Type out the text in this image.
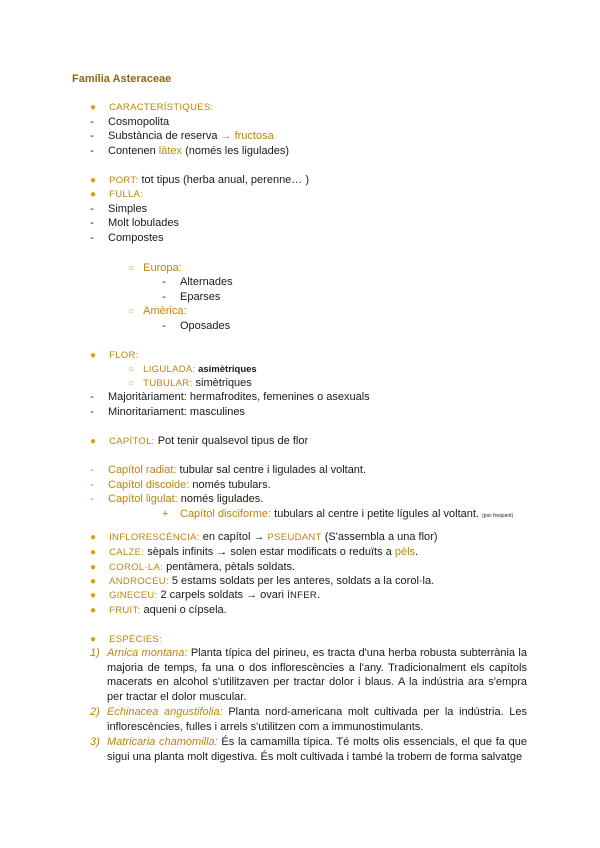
Família Asteraceae
● CARACTERÍSTIQUES:
- Cosmopolita
- Substància de reserva → fructosa
- Contenen làtex (només les ligulades)
● PORT: tot tipus (herba anual, perenne… )
● FULLA:
- Simples
- Molt lobulades
- Compostes
○ Europa:
- Alternades
- Eparses
○ Amèrica:
- Oposades
● FLOR:
○ LIGULADA: asimètriques
○ TUBULAR: simètriques
- Majoritàriament: hermafrodites, femenines o asexuals
- Minoritariament: masculines
● CAPÍTOL: Pot tenir qualsevol tipus de flor
- Capítol radiat: tubular sal centre i ligulades al voltant.
- Capítol discoide: només tubulars.
- Capítol ligulat: només ligulades.
+ Capítol disciforme: tubulars al centre i petite lígules al voltant. (poc freqüent)
● INFLORESCÈNCIA: en capítol → PSEUDANT (S'assembla a una flor)
● CALZE: sèpals infinits → solen estar modificats o reduïts a pèls.
● COROL·LA: pentàmera, pètals soldats.
● ANDROCEU: 5 estams soldats per les anteres, soldats a la corol·la.
● GINECEU: 2 carpels soldats → ovari ÍNFER.
● FRUIT: aqueni o cípsela.
● ESPÈCIES:
1) Arnica montana: Planta típica del pirineu, es tracta d'una herba robusta subterrània la majoria de temps, fa una o dos inflorescències a l'any. Tradicionalment els capítols macerats en alcohol s'utilitzaven per tractar dolor i blaus. A la indústria ara s'empra per tractar el dolor muscular.
2) Echinacea angustifolia: Planta nord-americana molt cultivada per la indústria. Les inflorescències, fulles i arrels s'utilitzen com a immunostimulants.
3) Matricaria chamomilla: És la camamilla típica. Té molts olis essencials, el que fa que sigui una planta molt digestiva. És molt cultivada i també la trobem de forma salvatge
